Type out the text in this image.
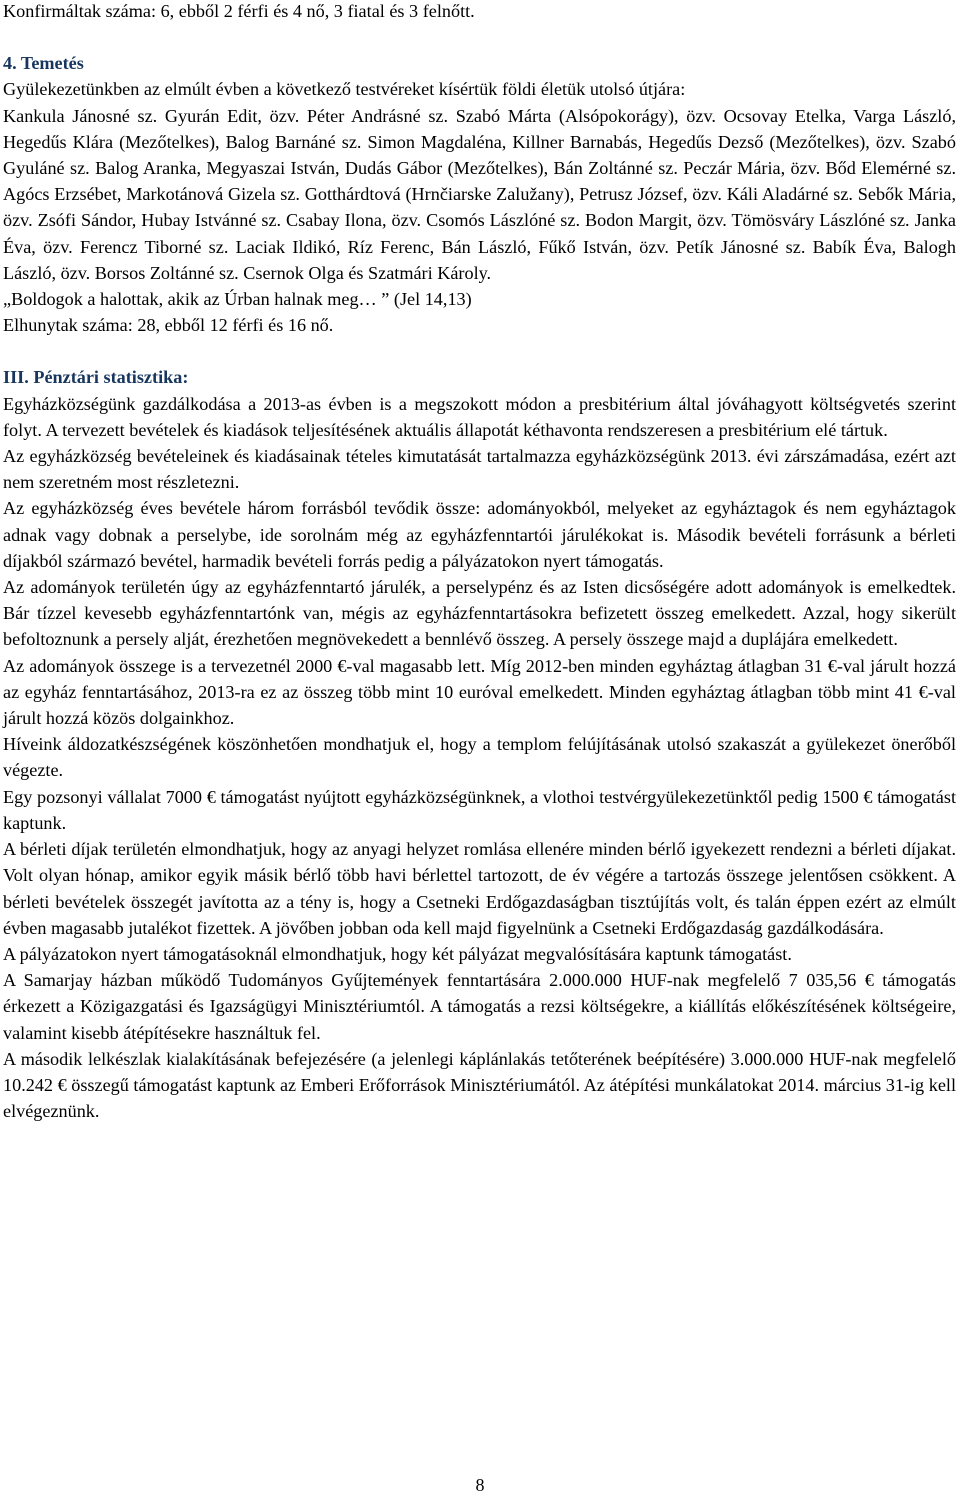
Konfirmáltak száma: 6, ebből 2 férfi és 4 nő, 3 fiatal és 3 felnőtt.

4. Temetés

Gyülekezetünkben az elmúlt évben a következő testvéreket kísértük földi életük utolsó útjára:

Kankula Jánosné sz. Gyurán Edit, özv. Péter Andrásné sz. Szabó Márta (Alsópokorágy), özv. Ocsovay Etelka, Varga László, Hegedűs Klára (Mezőtelkes), Balog Barnáné sz. Simon Magdaléna, Killner Barnabás, Hegedűs Dezső (Mezőtelkes), özv. Szabó Gyuláné sz. Balog Aranka, Megyaszai István, Dudás Gábor (Mezőtelkes), Bán Zoltánné sz. Peczár Mária, özv. Bőd Elemérné sz. Agócs Erzsébet, Markotánová Gizela sz. Gotthárdtová (Hrnčiarske Zalužany), Petrusz József, özv. Káli Aladárné sz. Sebők Mária, özv. Zsófi Sándor, Hubay Istvánné sz. Csabay Ilona, özv. Csomós Lászlóné sz. Bodon Margit, özv. Tömösváry Lászlóné sz. Janka Éva, özv. Ferencz Tiborné sz. Laciak Ildikó, Ríz Ferenc, Bán László, Fűkő István, özv. Petík Jánosné sz. Babík Éva, Balogh László, özv. Borsos Zoltánné sz. Csernok Olga és Szatmári Károly.

„Boldogok a halottak, akik az Úrban halnak meg… ” (Jel 14,13)

Elhunytak száma: 28, ebből 12 férfi és 16 nő.

III. Pénztári statisztika:

Egyházközségünk gazdálkodása a 2013-as évben is a megszokott módon a presbitérium által jóváhagyott költségvetés szerint folyt. A tervezett bevételek és kiadások teljesítésének aktuális állapotát kéthavonta rendszeresen a presbitérium elé tártuk.

Az egyházközség bevételeinek és kiadásainak tételes kimutatását tartalmazza egyházközségünk 2013. évi zárszámadása, ezért azt nem szeretném most részletezni.

Az egyházközség éves bevétele három forrásból tevődik össze: adományokból, melyeket az egyháztagok és nem egyháztagok adnak vagy dobnak a perselybe, ide sorolnám még az egyházfenntartói járulékokat is. Második bevételi forrásunk a bérleti díjakból származó bevétel, harmadik bevételi forrás pedig a pályázatokon nyert támogatás.

Az adományok területén úgy az egyházfenntartó járulék, a perselypénz és az Isten dicsőségére adott adományok is emelkedtek. Bár tízzel kevesebb egyházfenntartónk van, mégis az egyházfenntartásokra befizetett összeg emelkedett. Azzal, hogy sikerült befoltoznunk a persely alját, érezhetően megnövekedett a bennlévő összeg. A persely összege majd a duplájára emelkedett.

Az adományok összege is a tervezetnél 2000 €-val magasabb lett. Míg 2012-ben minden egyháztag átlagban 31 €-val járult hozzá az egyház fenntartásához, 2013-ra ez az összeg több mint 10 euróval emelkedett. Minden egyháztag átlagban több mint 41 €-val járult hozzá közös dolgainkhoz.

Híveink áldozatkészségének köszönhetően mondhatjuk el, hogy a templom felújításának utolsó szakaszát a gyülekezet önerőből végezte.

Egy pozsonyi vállalat 7000 € támogatást nyújtott egyházközségünknek, a vlothoi testvérgyülekezetünktől pedig 1500 € támogatást kaptunk.

A bérleti díjak területén elmondhatjuk, hogy az anyagi helyzet romlása ellenére minden bérlő igyekezett rendezni a bérleti díjakat. Volt olyan hónap, amikor egyik másik bérlő több havi bérlettel tartozott, de év végére a tartozás összege jelentősen csökkent. A bérleti bevételek összegét javította az a tény is, hogy a Csetneki Erdőgazdaságban tisztújítás volt, és talán éppen ezért az elmúlt évben magasabb jutalékot fizettek. A jövőben jobban oda kell majd figyelnünk a Csetneki Erdőgazdaság gazdálkodására.

A pályázatokon nyert támogatásoknál elmondhatjuk, hogy két pályázat megvalósítására kaptunk támogatást.

A Samarjay házban működő Tudományos Gyűjtemények fenntartására 2.000.000 HUF-nak megfelelő 7 035,56 € támogatás érkezett a Közigazgatási és Igazságügyi Minisztériumtól. A támogatás a rezsi költségekre, a kiállítás előkészítésének költségeire, valamint kisebb átépítésekre használtuk fel.

A második lelkészlak kialakításának befejezésére (a jelenlegi káplánlakás tetőterének beépítésére) 3.000.000 HUF-nak megfelelő 10.242 € összegű támogatást kaptunk az Emberi Erőforrások Minisztériumától. Az átépítési munkálatokat 2014. március 31-ig kell elvégeznünk.

8
